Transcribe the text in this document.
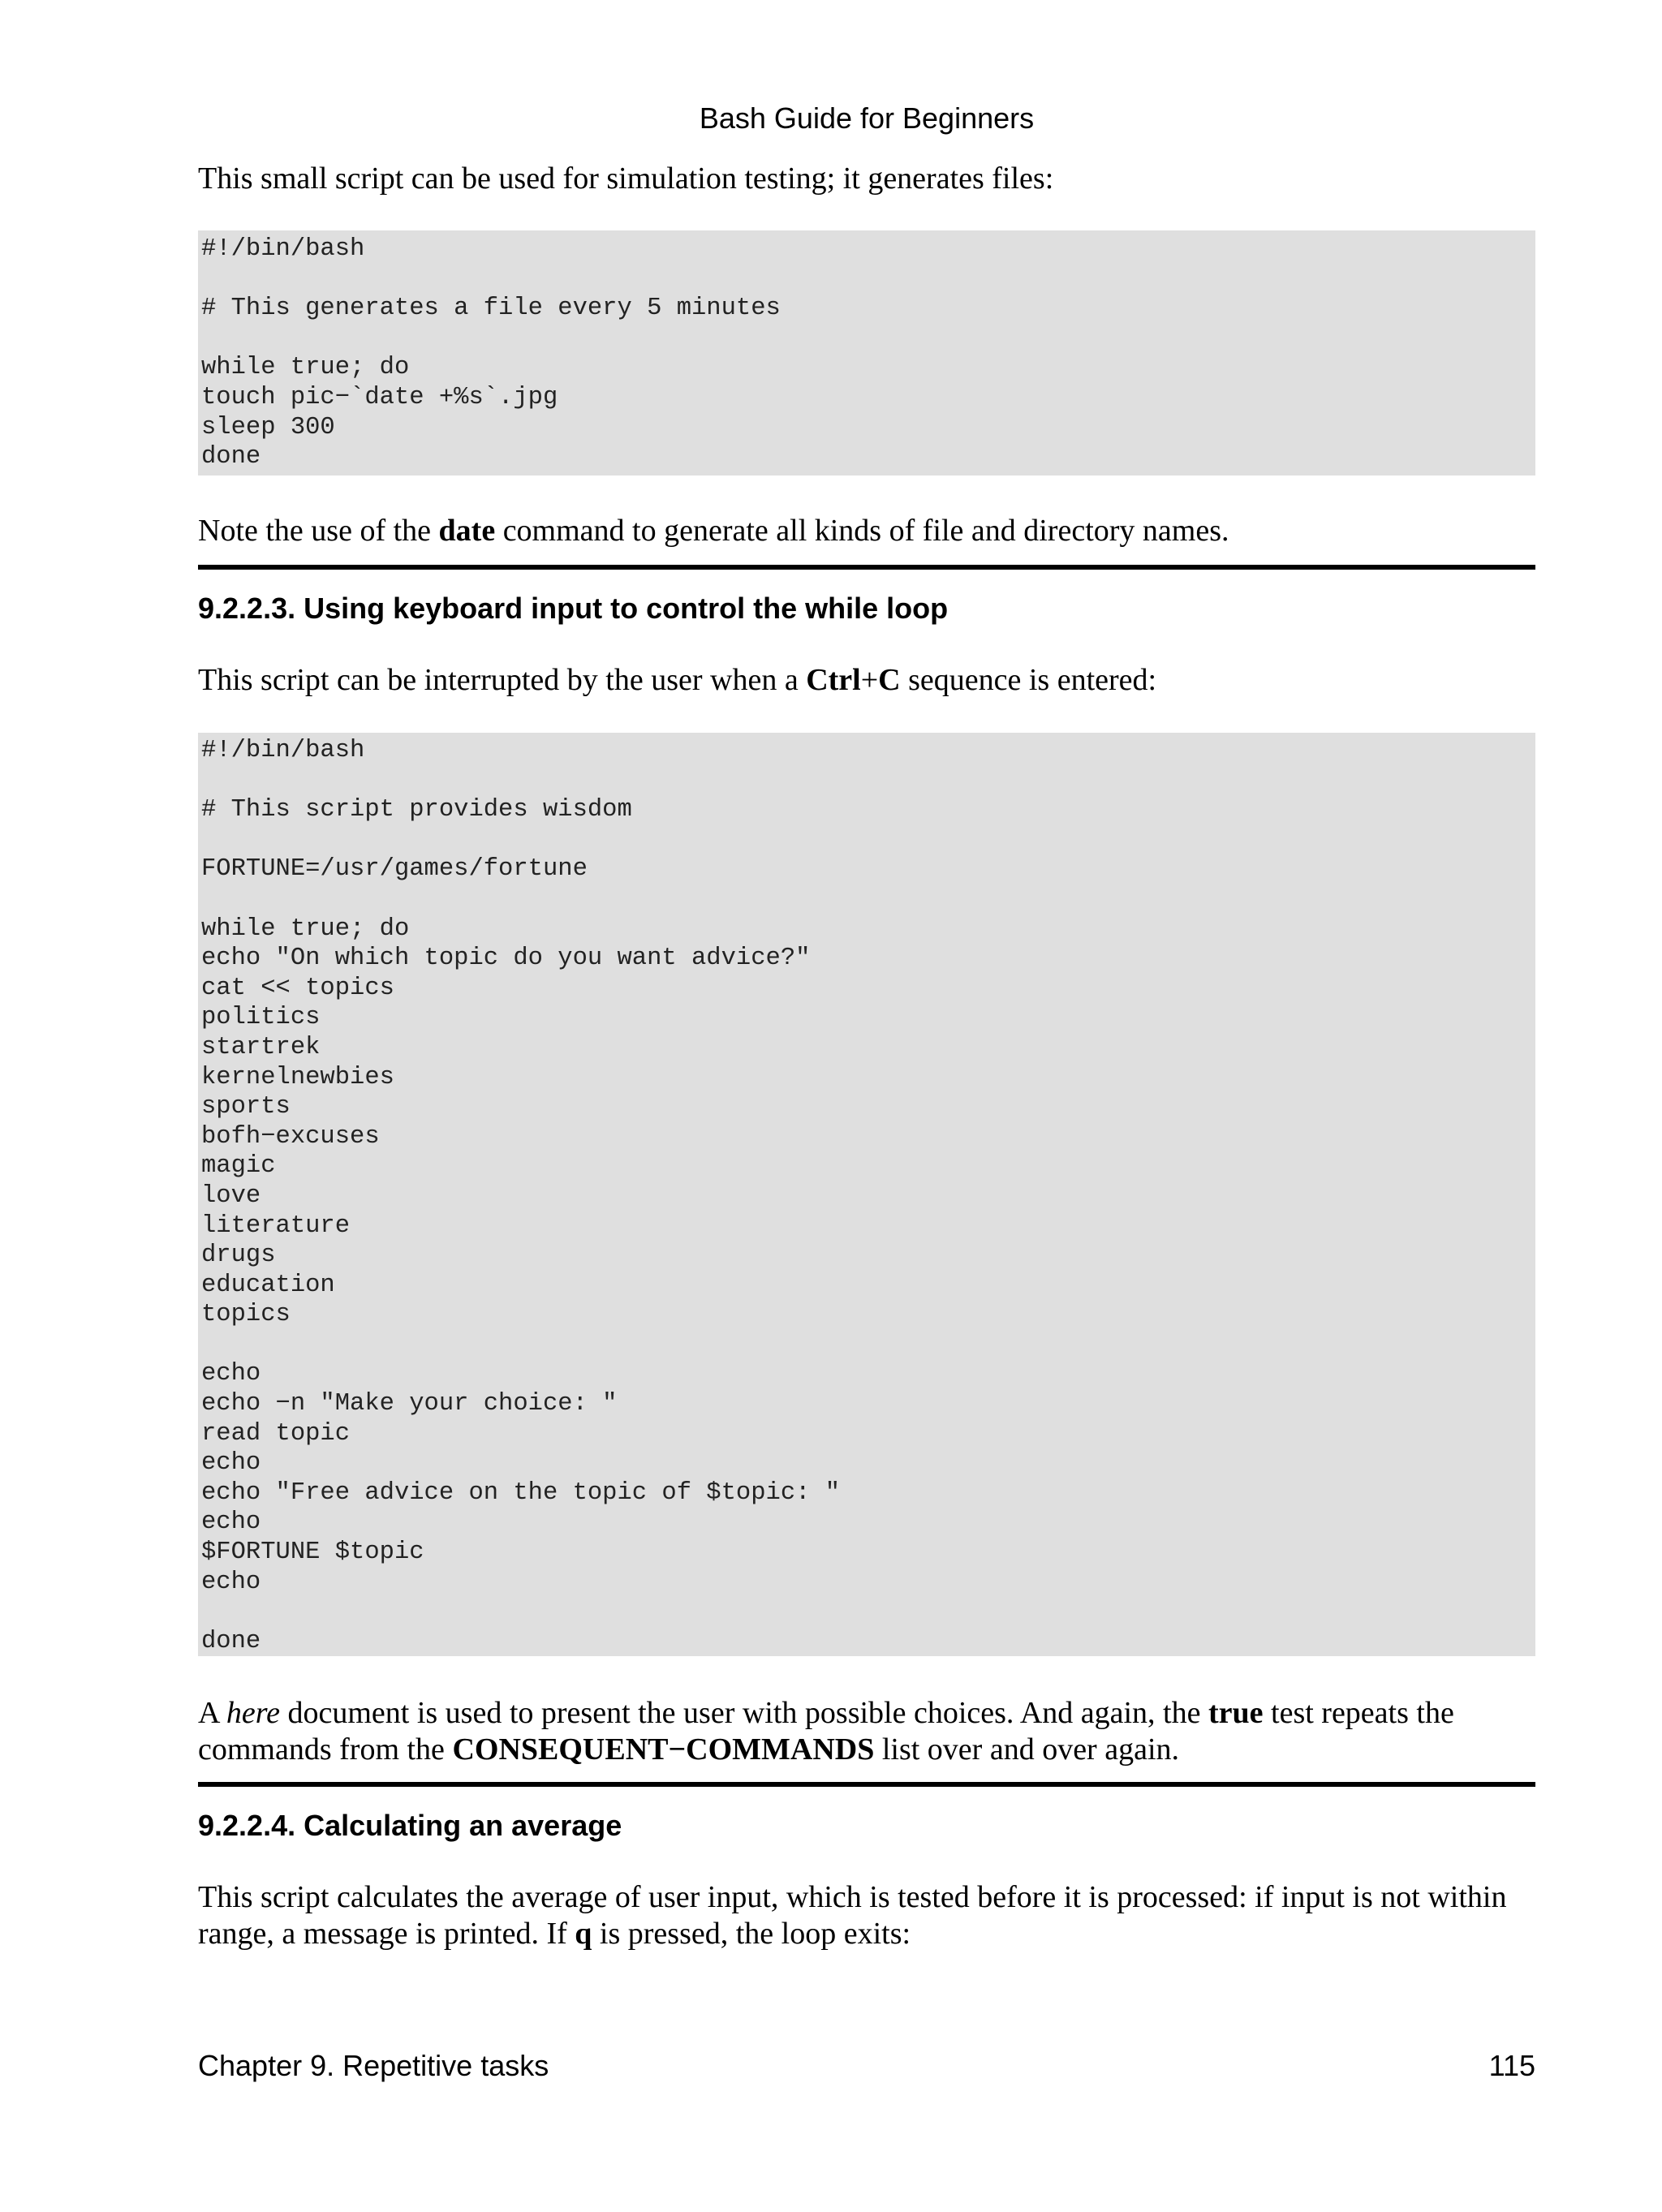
Bash Guide for Beginners

This small script can be used for simulation testing; it generates files:

#!/bin/bash
# This generates a file every 5 minutes
while true; do
touch pic−`date +%s`.jpg
sleep 300
done

Note the use of the date command to generate all kinds of file and directory names.

9.2.2.3. Using keyboard input to control the while loop

This script can be interrupted by the user when a Ctrl+C sequence is entered:

#!/bin/bash
# This script provides wisdom
FORTUNE=/usr/games/fortune
while true; do
echo "On which topic do you want advice?"
cat << topics
politics
startrek
kernelnewbies
sports
bofh−excuses
magic
love
literature
drugs
education
topics
echo
echo −n "Make your choice: "
read topic
echo
echo "Free advice on the topic of $topic: "
echo
$FORTUNE $topic
echo
done

A here document is used to present the user with possible choices. And again, the true test repeats the commands from the CONSEQUENT−COMMANDS list over and over again.

9.2.2.4. Calculating an average

This script calculates the average of user input, which is tested before it is processed: if input is not within range, a message is printed. If q is pressed, the loop exits:

Chapter 9. Repetitive tasks	115
